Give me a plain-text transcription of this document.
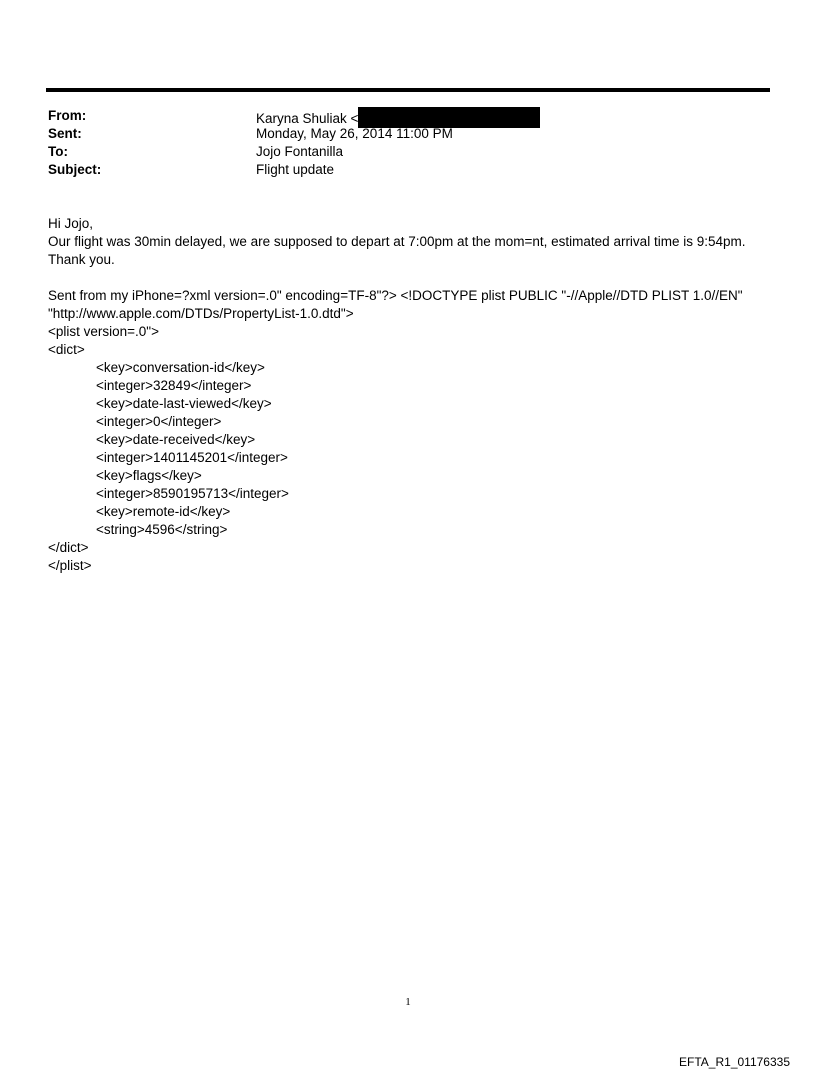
From:	Karyna Shuliak <
Sent:	Monday, May 26, 2014 11:00 PM
To:	Jojo Fontanilla
Subject:	Flight update
Hi Jojo,
Our flight was 30min delayed, we are supposed to depart at 7:00pm at the mom=nt, estimated arrival time is 9:54pm.
Thank you.
Sent from my iPhone=?xml version=.0" encoding=TF-8"?> <!DOCTYPE plist PUBLIC "-//Apple//DTD PLIST 1.0//EN"
"http://www.apple.com/DTDs/PropertyList-1.0.dtd">
<plist version=.0">
<dict>
<key>conversation-id</key>
<integer>32849</integer>
<key>date-last-viewed</key>
<integer>0</integer>
<key>date-received</key>
<integer>1401145201</integer>
<key>flags</key>
<integer>8590195713</integer>
<key>remote-id</key>
<string>4596</string>
</dict>
</plist>
1
EFTA_R1_01176335
